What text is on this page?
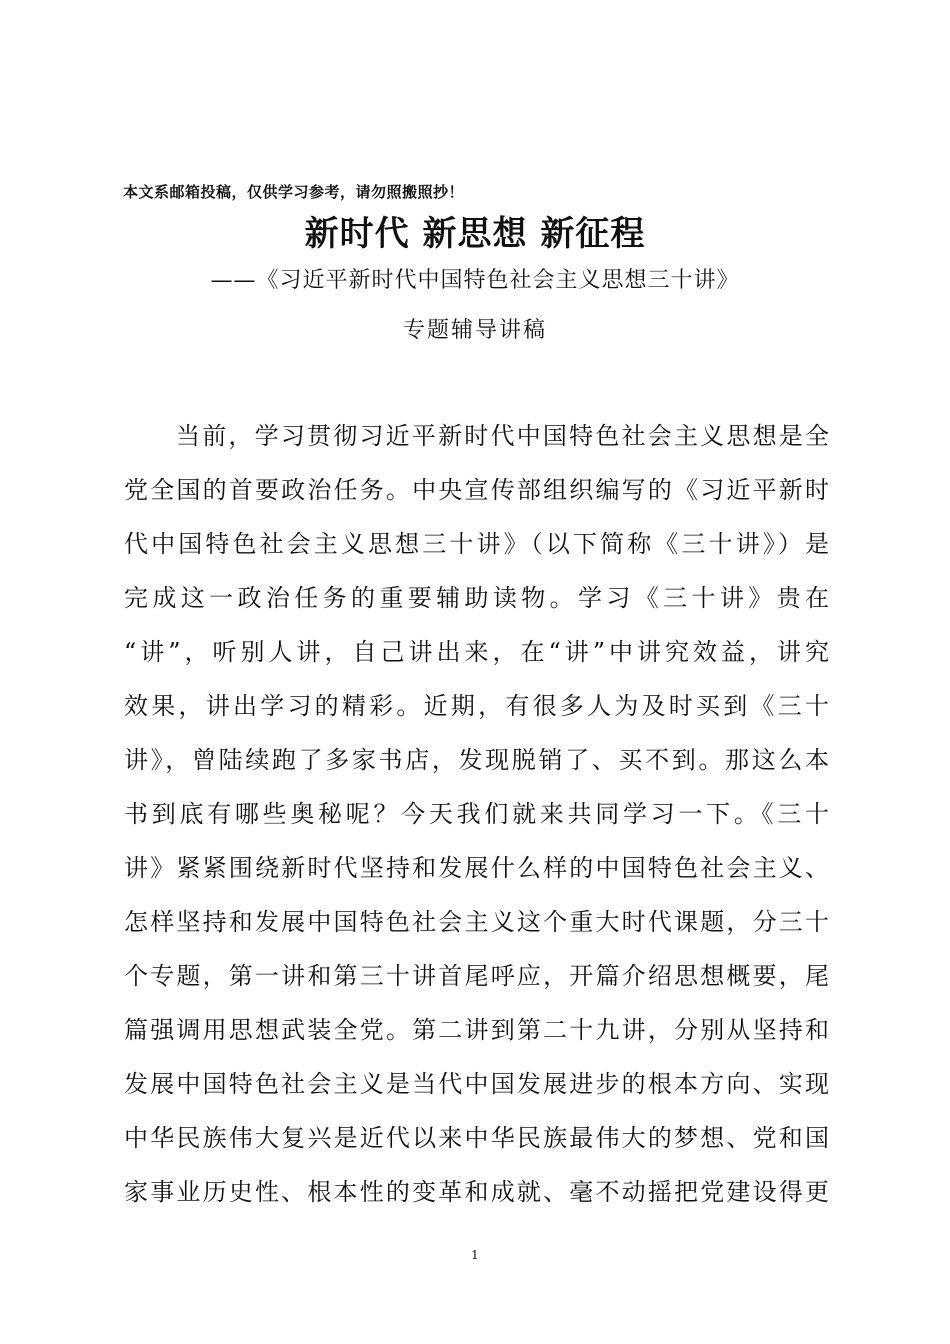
本文系邮箱投稿，仅供学习参考，请勿照搬照抄！
新时代 新思想 新征程
——《习近平新时代中国特色社会主义思想三十讲》
专题辅导讲稿
当前，学习贯彻习近平新时代中国特色社会主义思想是全
党全国的首要政治任务。中央宣传部组织编写的《习近平新时
代中国特色社会主义思想三十讲》（以下简称《三十讲》）是
完成这一政治任务的重要辅助读物。学习《三十讲》贵在
“讲”，听别人讲，自己讲出来，在“讲”中讲究效益，讲究
效果，讲出学习的精彩。近期，有很多人为及时买到《三十
讲》，曾陆续跑了多家书店，发现脱销了、买不到。那这么本
书到底有哪些奥秘呢？今天我们就来共同学习一下。《三十
讲》紧紧围绕新时代坚持和发展什么样的中国特色社会主义、
怎样坚持和发展中国特色社会主义这个重大时代课题，分三十
个专题，第一讲和第三十讲首尾呼应，开篇介绍思想概要，尾
篇强调用思想武装全党。第二讲到第二十九讲，分别从坚持和
发展中国特色社会主义是当代中国发展进步的根本方向、实现
中华民族伟大复兴是近代以来中华民族最伟大的梦想、党和国
家事业历史性、根本性的变革和成就、毫不动摇把党建设得更
1
